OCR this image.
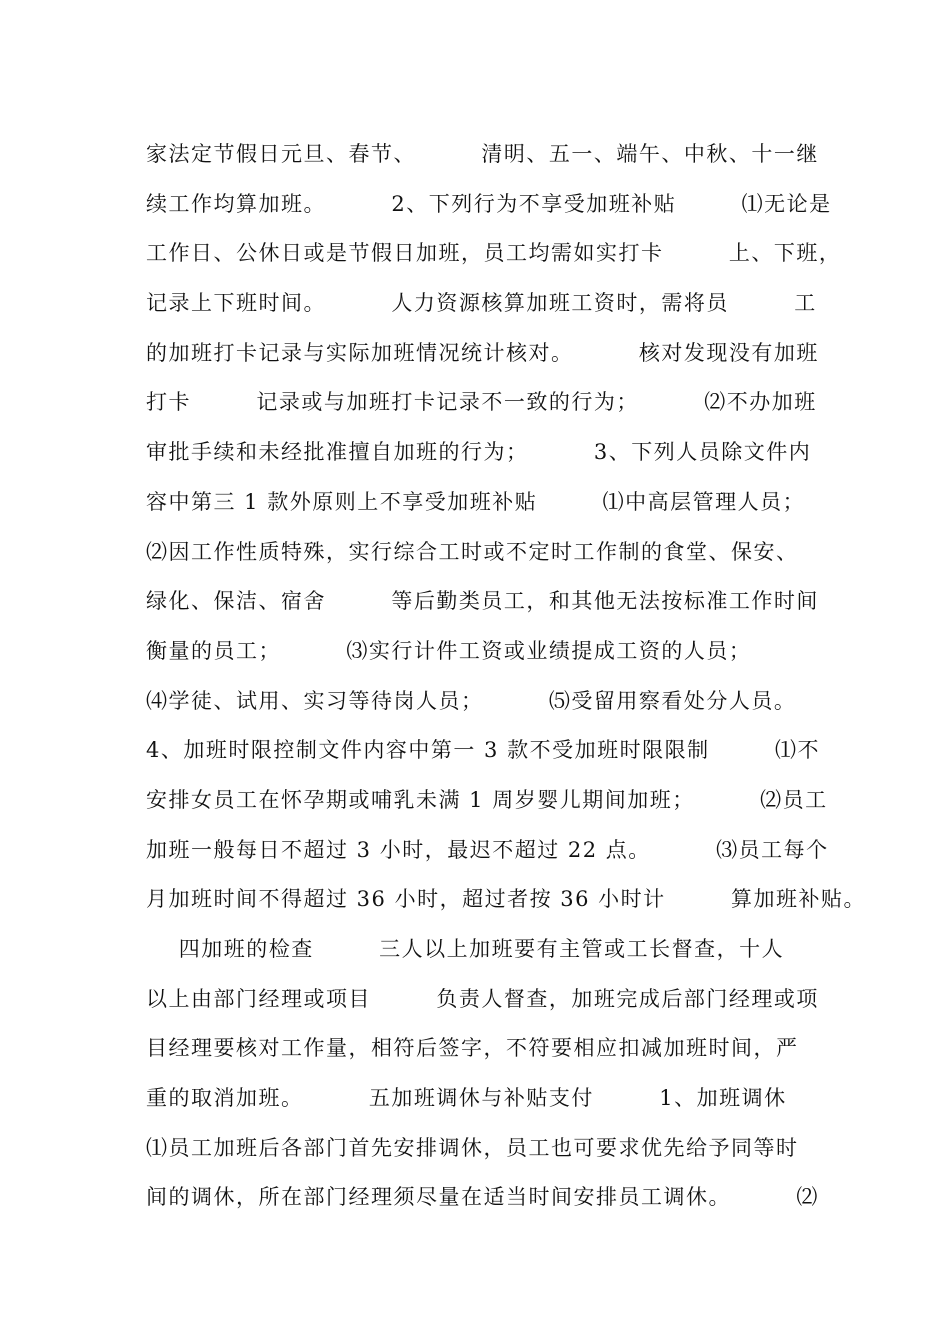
家法定节假日元旦、春节、        清明、五一、端午、中秋、十一继
续工作均算加班。        2、下列行为不享受加班补贴        ⑴无论是
工作日、公休日或是节假日加班，员工均需如实打卡        上、下班，
记录上下班时间。        人力资源核算加班工资时，需将员        工
的加班打卡记录与实际加班情况统计核对。        核对发现没有加班
打卡        记录或与加班打卡记录不一致的行为；        ⑵不办加班
审批手续和未经批准擅自加班的行为；        3、下列人员除文件内
容中第三 1 款外原则上不享受加班补贴        ⑴中高层管理人员；
⑵因工作性质特殊，实行综合工时或不定时工作制的食堂、保安、
绿化、保洁、宿舍        等后勤类员工，和其他无法按标准工作时间
衡量的员工；        ⑶实行计件工资或业绩提成工资的人员；
⑷学徒、试用、实习等待岗人员；        ⑸受留用察看处分人员。
4、加班时限控制文件内容中第一 3 款不受加班时限限制        ⑴不
安排女员工在怀孕期或哺乳未满 1 周岁婴儿期间加班；        ⑵员工
加班一般每日不超过 3 小时，最迟不超过 22 点。        ⑶员工每个
月加班时间不得超过 36 小时，超过者按 36 小时计        算加班补贴。
四加班的检查        三人以上加班要有主管或工长督查，十人
以上由部门经理或项目        负责人督查，加班完成后部门经理或项
目经理要核对工作量，相符后签字，不符要相应扣减加班时间，严
重的取消加班。        五加班调休与补贴支付        1、加班调休
⑴员工加班后各部门首先安排调休，员工也可要求优先给予同等时
间的调休，所在部门经理须尽量在适当时间安排员工调休。        ⑵
